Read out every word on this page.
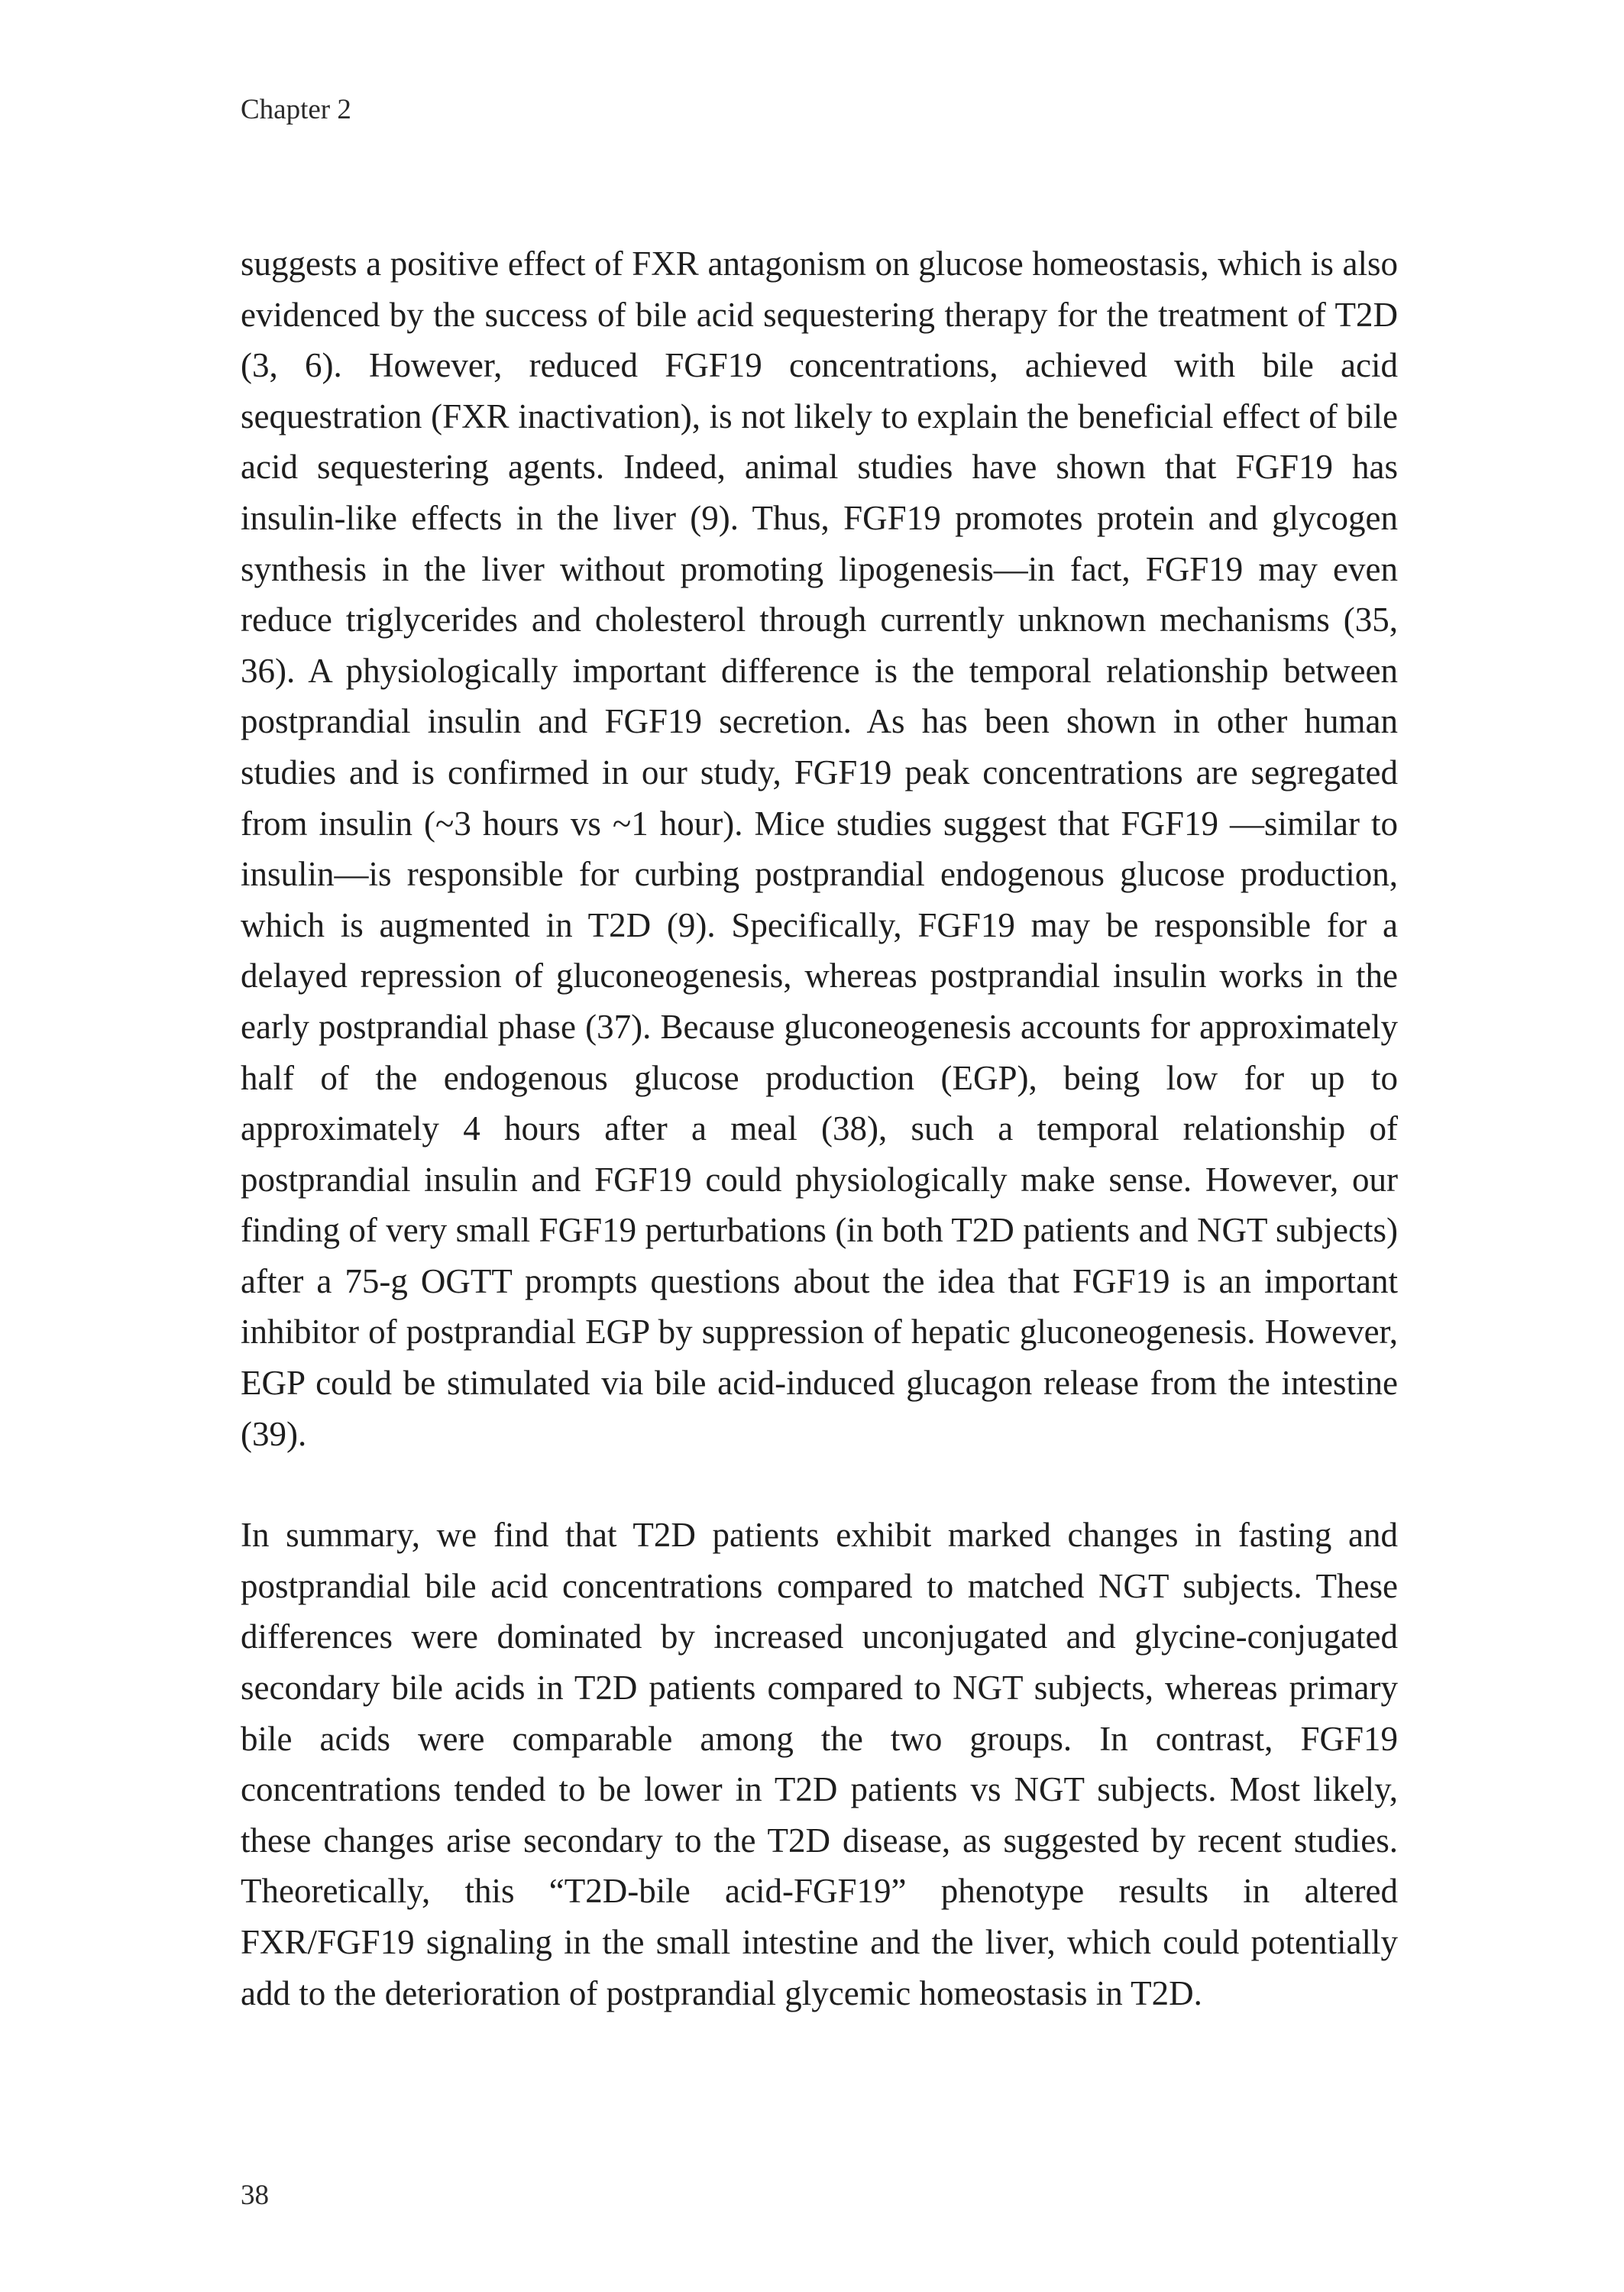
Chapter 2

suggests a positive effect of FXR antagonism on glucose homeostasis, which is also evidenced by the success of bile acid sequestering therapy for the treatment of T2D (3, 6). However, reduced FGF19 concentrations, achieved with bile acid sequestration (FXR inactivation), is not likely to explain the beneficial effect of bile acid sequestering agents. Indeed, animal studies have shown that FGF19 has insulin-like effects in the liver (9). Thus, FGF19 promotes protein and glycogen synthesis in the liver without promoting lipogenesis—in fact, FGF19 may even reduce triglycerides and cholesterol through currently unknown mechanisms (35, 36). A physiologically important difference is the temporal relationship between postprandial insulin and FGF19 secretion. As has been shown in other human studies and is confirmed in our study, FGF19 peak concentrations are segregated from insulin (~3 hours vs ~1 hour). Mice studies suggest that FGF19 —similar to insulin—is responsible for curbing postprandial endogenous glucose production, which is augmented in T2D (9). Specifically, FGF19 may be responsible for a delayed repression of gluconeogenesis, whereas postprandial insulin works in the early postprandial phase (37). Because gluconeogenesis accounts for approximately half of the endogenous glucose production (EGP), being low for up to approximately 4 hours after a meal (38), such a temporal relationship of postprandial insulin and FGF19 could physiologically make sense. However, our finding of very small FGF19 perturbations (in both T2D patients and NGT subjects) after a 75-g OGTT prompts questions about the idea that FGF19 is an important inhibitor of postprandial EGP by suppression of hepatic gluconeogenesis. However, EGP could be stimulated via bile acid-induced glucagon release from the intestine (39).

In summary, we find that T2D patients exhibit marked changes in fasting and postprandial bile acid concentrations compared to matched NGT subjects. These differences were dominated by increased unconjugated and glycine-conjugated secondary bile acids in T2D patients compared to NGT subjects, whereas primary bile acids were comparable among the two groups. In contrast, FGF19 concentrations tended to be lower in T2D patients vs NGT subjects. Most likely, these changes arise secondary to the T2D disease, as suggested by recent studies. Theoretically, this “T2D-bile acid-FGF19” phenotype results in altered FXR/FGF19 signaling in the small intestine and the liver, which could potentially add to the deterioration of postprandial glycemic homeostasis in T2D.

38
